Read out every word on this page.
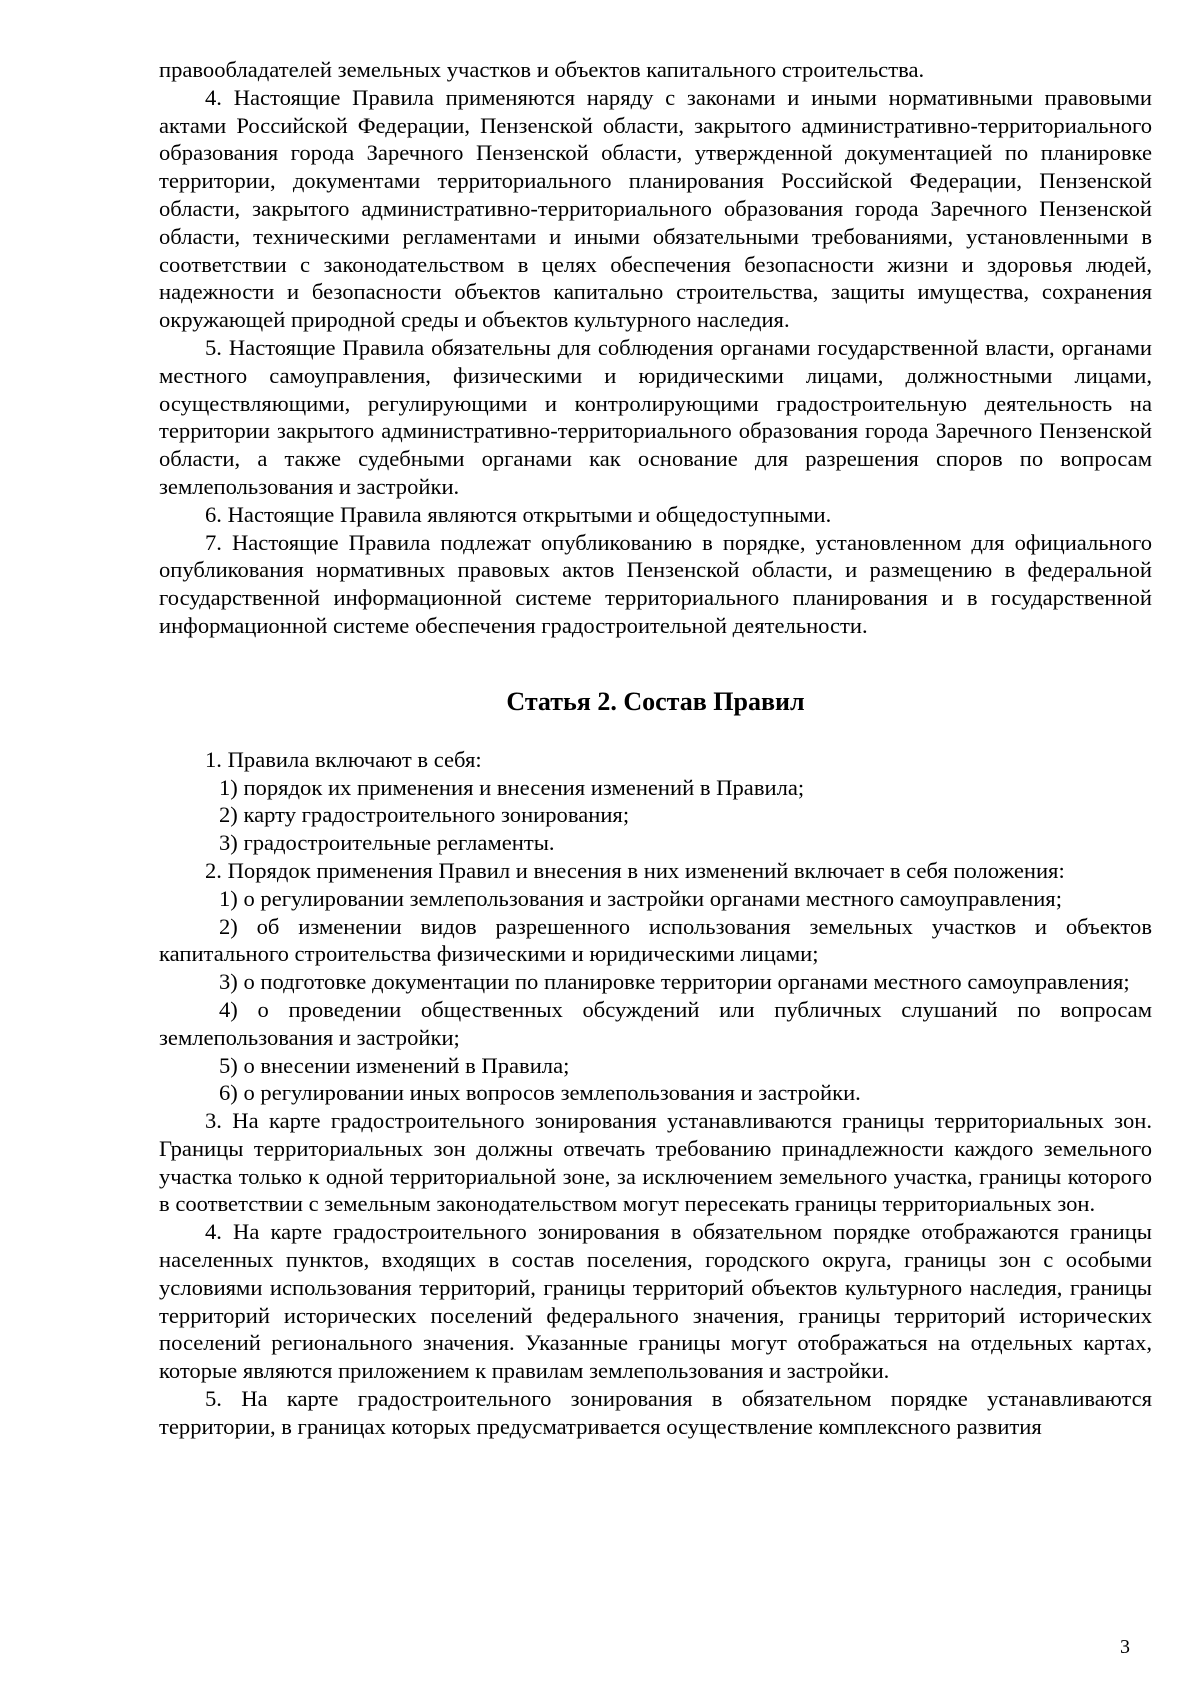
правообладателей земельных участков и объектов капитального строительства.

4. Настоящие Правила применяются наряду с законами и иными нормативными правовыми актами Российской Федерации, Пензенской области, закрытого административно-территориального образования города Заречного Пензенской области, утвержденной документацией по планировке территории, документами территориального планирования Российской Федерации, Пензенской области, закрытого административно-территориального образования города Заречного Пензенской области, техническими регламентами и иными обязательными требованиями, установленными в соответствии с законодательством в целях обеспечения безопасности жизни и здоровья людей, надежности и безопасности объектов капитально строительства, защиты имущества, сохранения окружающей природной среды и объектов культурного наследия.

5. Настоящие Правила обязательны для соблюдения органами государственной власти, органами местного самоуправления, физическими и юридическими лицами, должностными лицами, осуществляющими, регулирующими и контролирующими градостроительную деятельность на территории закрытого административно-территориального образования города Заречного Пензенской области, а также судебными органами как основание для разрешения споров по вопросам землепользования и застройки.

6. Настоящие Правила являются открытыми и общедоступными.

7. Настоящие Правила подлежат опубликованию в порядке, установленном для официального опубликования нормативных правовых актов Пензенской области, и размещению в федеральной государственной информационной системе территориального планирования и в государственной информационной системе обеспечения градостроительной деятельности.

Статья 2. Состав Правил

1. Правила включают в себя:

1) порядок их применения и внесения изменений в Правила;

2) карту градостроительного зонирования;

3) градостроительные регламенты.

2. Порядок применения Правил и внесения в них изменений включает в себя положения:

1) о регулировании землепользования и застройки органами местного самоуправления;

2) об изменении видов разрешенного использования земельных участков и объектов капитального строительства физическими и юридическими лицами;

3) о подготовке документации по планировке территории органами местного самоуправления;

4) о проведении общественных обсуждений или публичных слушаний по вопросам землепользования и застройки;

5) о внесении изменений в Правила;

6) о регулировании иных вопросов землепользования и застройки.

3. На карте градостроительного зонирования устанавливаются границы территориальных зон. Границы территориальных зон должны отвечать требованию принадлежности каждого земельного участка только к одной территориальной зоне, за исключением земельного участка, границы которого в соответствии с земельным законодательством могут пересекать границы территориальных зон.

4. На карте градостроительного зонирования в обязательном порядке отображаются границы населенных пунктов, входящих в состав поселения, городского округа, границы зон с особыми условиями использования территорий, границы территорий объектов культурного наследия, границы территорий исторических поселений федерального значения, границы территорий исторических поселений регионального значения. Указанные границы могут отображаться на отдельных картах, которые являются приложением к правилам землепользования и застройки.

5. На карте градостроительного зонирования в обязательном порядке устанавливаются территории, в границах которых предусматривается осуществление комплексного развития

3
